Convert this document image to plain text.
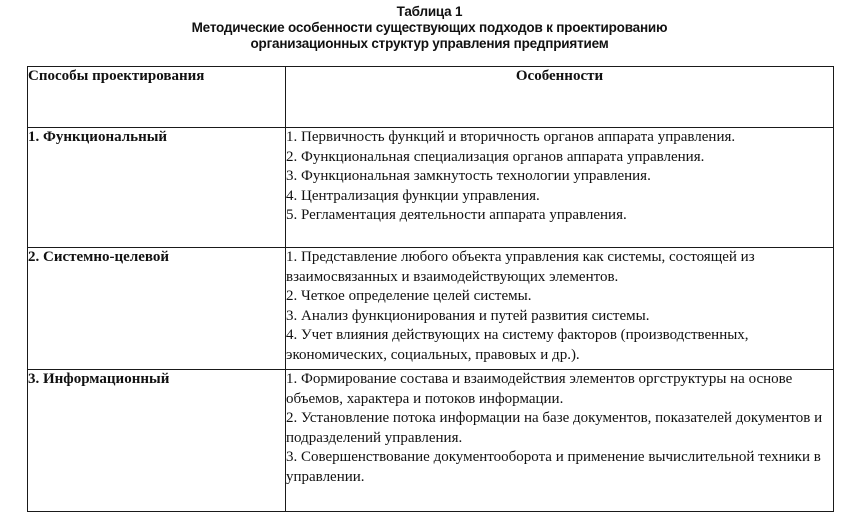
Таблица 1
Методические особенности существующих подходов к проектированию
организационных структур управления предприятием
Способы проектирования	Особенности
1. Функциональный	1. Первичность функций и вторичность органов аппарата управления.
2. Функциональная специализация органов аппарата управления.
3. Функциональная замкнутость технологии управления.
4. Централизация функции управления.
5. Регламентация деятельности аппарата управления.

2. Системно-целевой	1. Представление любого объекта управления как системы, состоящей из взаимосвязанных и взаимодействующих элементов.
2. Четкое определение целей системы.
3. Анализ функционирования и путей развития системы.
4. Учет влияния действующих на систему факторов (производственных, экономических, социальных, правовых и др.).

3. Информационный	1. Формирование состава и взаимодействия элементов оргструктуры на основе объемов, характера и потоков информации.
2. Установление потока информации на базе документов, показателей документов и подразделений управления.
3. Совершенствование документооборота и применение вычислительной техники в управлении.
